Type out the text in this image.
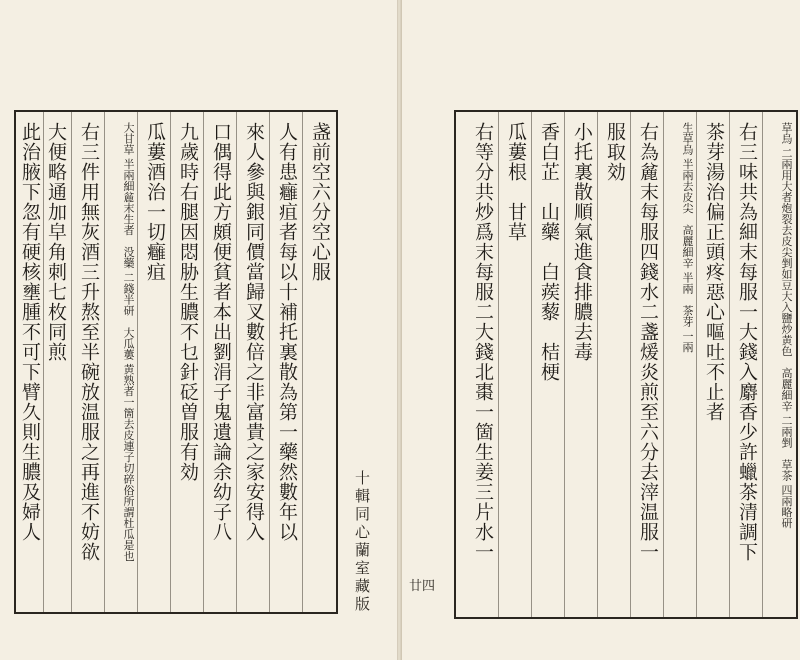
盏前空六分空心服
人有患癰疽者每以十補托裏散為第一藥然數年以
來人參與銀同價當歸叉數倍之非富貴之家安得入
口偶得此方頗便貧者本出劉涓子鬼遺論余幼子八
九歲時右腿因悶胁生膿不乜針砭曽服有効
瓜蔞酒治一切癰疽
大甘草 半兩細麄末生者　没藥 二錢半研　大瓜蔞 黄熟者一箇去皮連子切碎俗所謂杜瓜是也
右三件用無灰酒三升熬至半碗放温服之再進不妨欲
大便略通加皁角刺七枚同煎
此治腋下忽有硬核壅腫不可下臂久則生膿及婦人	十輯同心蘭室藏版	廿四
草烏 二兩用大者炮裂去皮尖剉如豆大入鹽炒黄色　高麗細辛 二兩剉　草茶 四兩略研
右三味共為細末每服一大錢入麝香少許蠟茶清調下
茶芽湯治偏正頭疼惡心嘔吐不止者
生草烏 半兩去皮尖　高麗細辛 半兩　茶芽 一兩
右為麄末每服四錢水二盞煖炎煎至六分去滓温服一
服取効
小托裏散順氣進食排膿去毒
香白芷　山藥　白蒺藜　桔梗
瓜蔞根　甘草
右等分共炒爲末每服二大錢北棗一箇生姜三片水一
